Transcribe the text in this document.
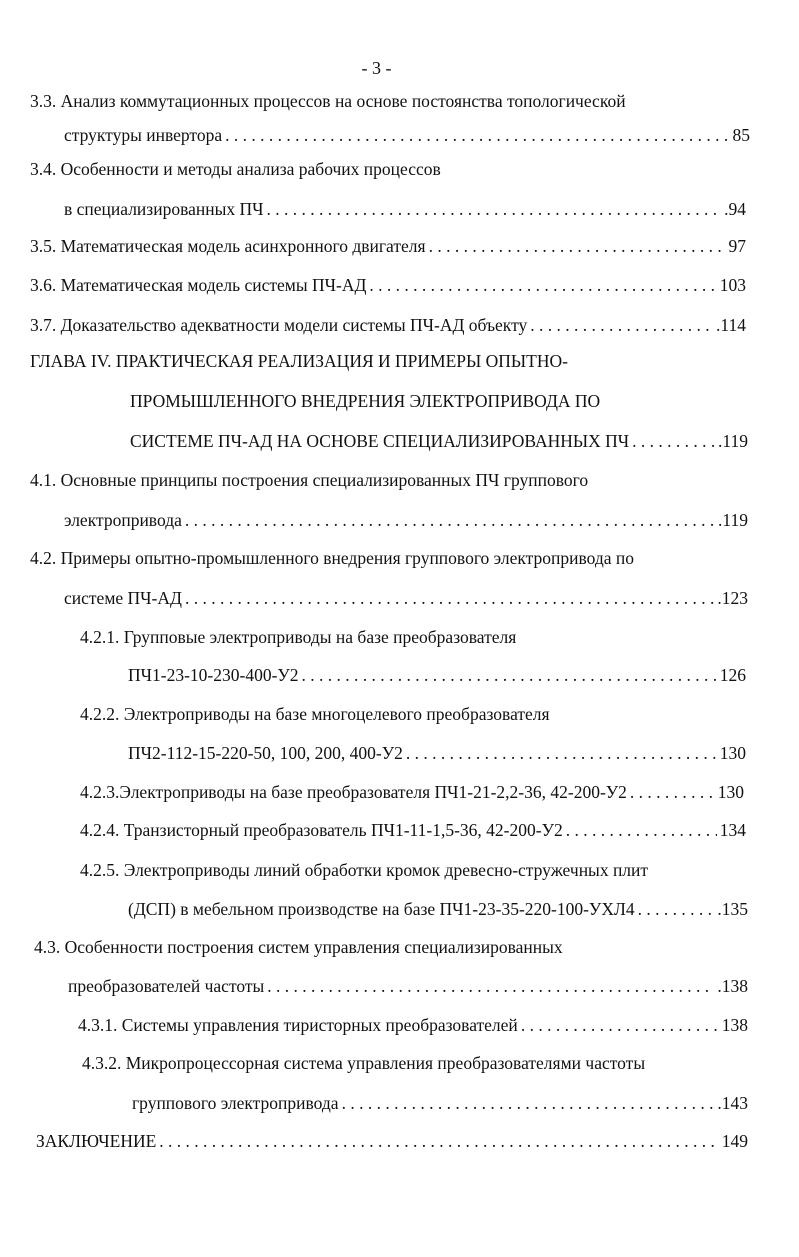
- 3 -
3.3. Анализ коммутационных процессов на основе постоянства топологической
структуры инвертора . . .	85
3.4. Особенности и методы анализа рабочих процессов
в специализированных ПЧ . . .	.94
3.5. Математическая модель асинхронного двигателя . . .	97
3.6. Математическая модель системы ПЧ-АД . . .	103
3.7. Доказательство адекватности модели системы ПЧ-АД объекту . . .	.114
ГЛАВА IV. ПРАКТИЧЕСКАЯ РЕАЛИЗАЦИЯ И ПРИМЕРЫ ОПЫТНО-
ПРОМЫШЛЕННОГО ВНЕДРЕНИЯ ЭЛЕКТРОПРИВОДА ПО
СИСТЕМЕ ПЧ-АД НА ОСНОВЕ СПЕЦИАЛИЗИРОВАННЫХ ПЧ . . .	.119
4.1. Основные принципы построения специализированных ПЧ группового
электропривода . . .	.119
4.2. Примеры опытно-промышленного внедрения группового электропривода по
системе ПЧ-АД . . .	.123
4.2.1. Групповые электроприводы на базе преобразователя
ПЧ1-23-10-230-400-У2 . . .	126
4.2.2. Электроприводы на базе многоцелевого преобразователя
ПЧ2-112-15-220-50, 100, 200, 400-У2 . . .	130
4.2.3.Электроприводы на базе преобразователя ПЧ1-21-2,2-36, 42-200-У2 . . .	130
4.2.4. Транзисторный преобразователь ПЧ1-11-1,5-36, 42-200-У2 . . .	134
4.2.5. Электроприводы линий обработки кромок древесно-стружечных плит
(ДСП) в мебельном производстве на базе ПЧ1-23-35-220-100-УХЛ4 . . .	.135
4.3. Особенности построения систем управления специализированных
преобразователей частоты . . .	.138
4.3.1. Системы управления тиристорных преобразователей . . .	138
4.3.2. Микропроцессорная система управления преобразователями частоты
группового электропривода . . .	.143
ЗАКЛЮЧЕНИЕ . . .	149
